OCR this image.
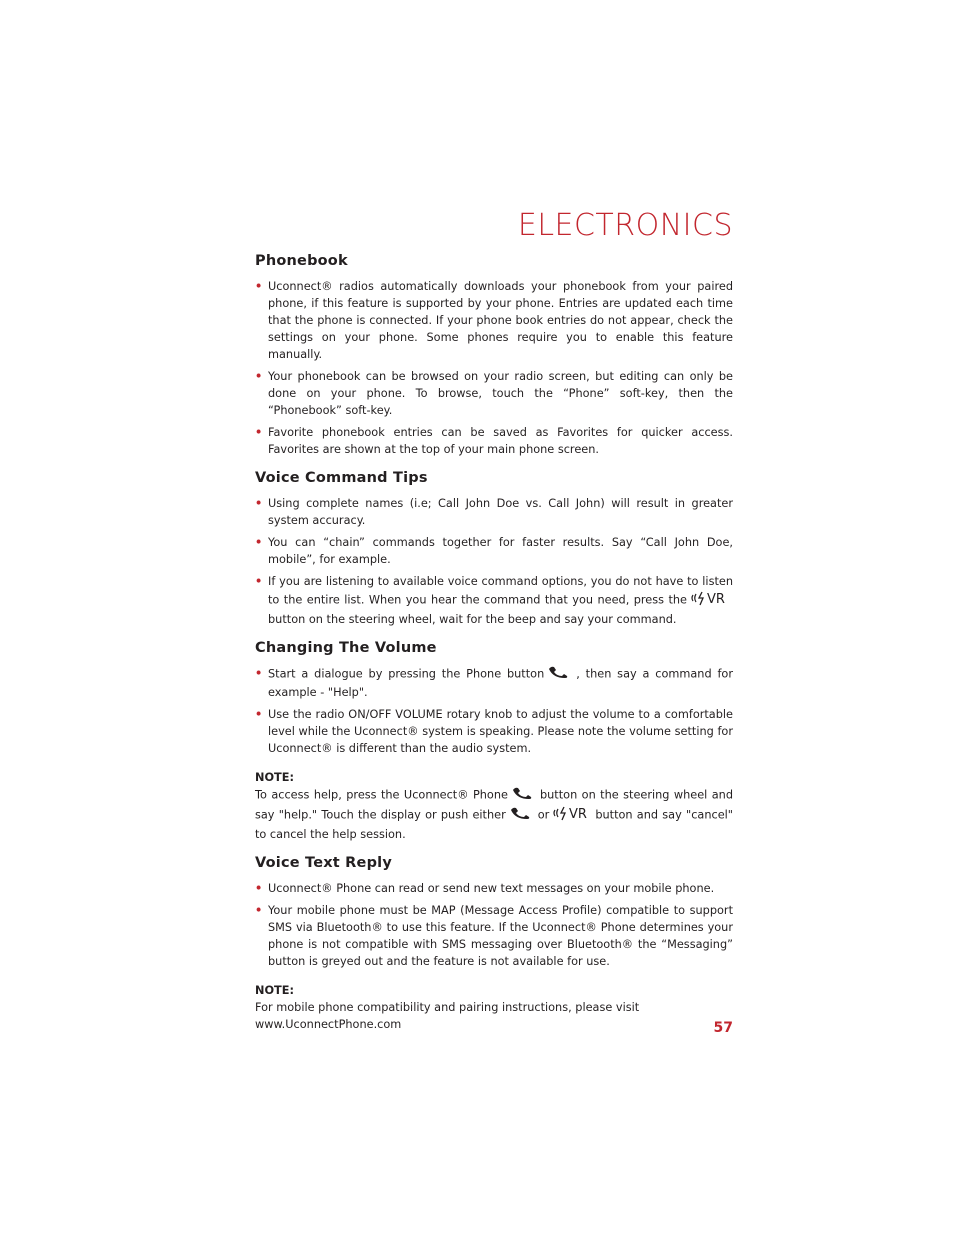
ELECTRONICS
Phonebook
• Uconnect® radios automatically downloads your phonebook from your paired phone, if this feature is supported by your phone. Entries are updated each time that the phone is connected. If your phone book entries do not appear, check the settings on your phone. Some phones require you to enable this feature manually.
• Your phonebook can be browsed on your radio screen, but editing can only be done on your phone. To browse, touch the “Phone” soft-key, then the “Phonebook” soft-key.
• Favorite phonebook entries can be saved as Favorites for quicker access. Favorites are shown at the top of your main phone screen.
Voice Command Tips
• Using complete names (i.e; Call John Doe vs. Call John) will result in greater system accuracy.
• You can “chain” commands together for faster results. Say “Call John Doe, mobile”, for example.
• If you are listening to available voice command options, you do not have to listen to the entire list. When you hear the command that you need, press the VR
button on the steering wheel, wait for the beep and say your command.
Changing The Volume
• Start a dialogue by pressing the Phone button	, then say a command for example - "Help".
• Use the radio ON/OFF VOLUME rotary knob to adjust the volume to a comfortable level while the Uconnect® system is speaking. Please note the volume setting for Uconnect® is different than the audio system.

NOTE:

To access help, press the Uconnect® Phone	button on the steering wheel and say "help." Touch the display or push either	or VR button and say "cancel" to cancel the help session.

Voice Text Reply
• Uconnect® Phone can read or send new text messages on your mobile phone.
• Your mobile phone must be MAP (Message Access Profile) compatible to support SMS via Bluetooth® to use this feature. If the Uconnect® Phone determines your phone is not compatible with SMS messaging over Bluetooth® the “Messaging” button is greyed out and the feature is not available for use.

NOTE:

For mobile phone compatibility and pairing instructions, please visit
www.UconnectPhone.com	57
